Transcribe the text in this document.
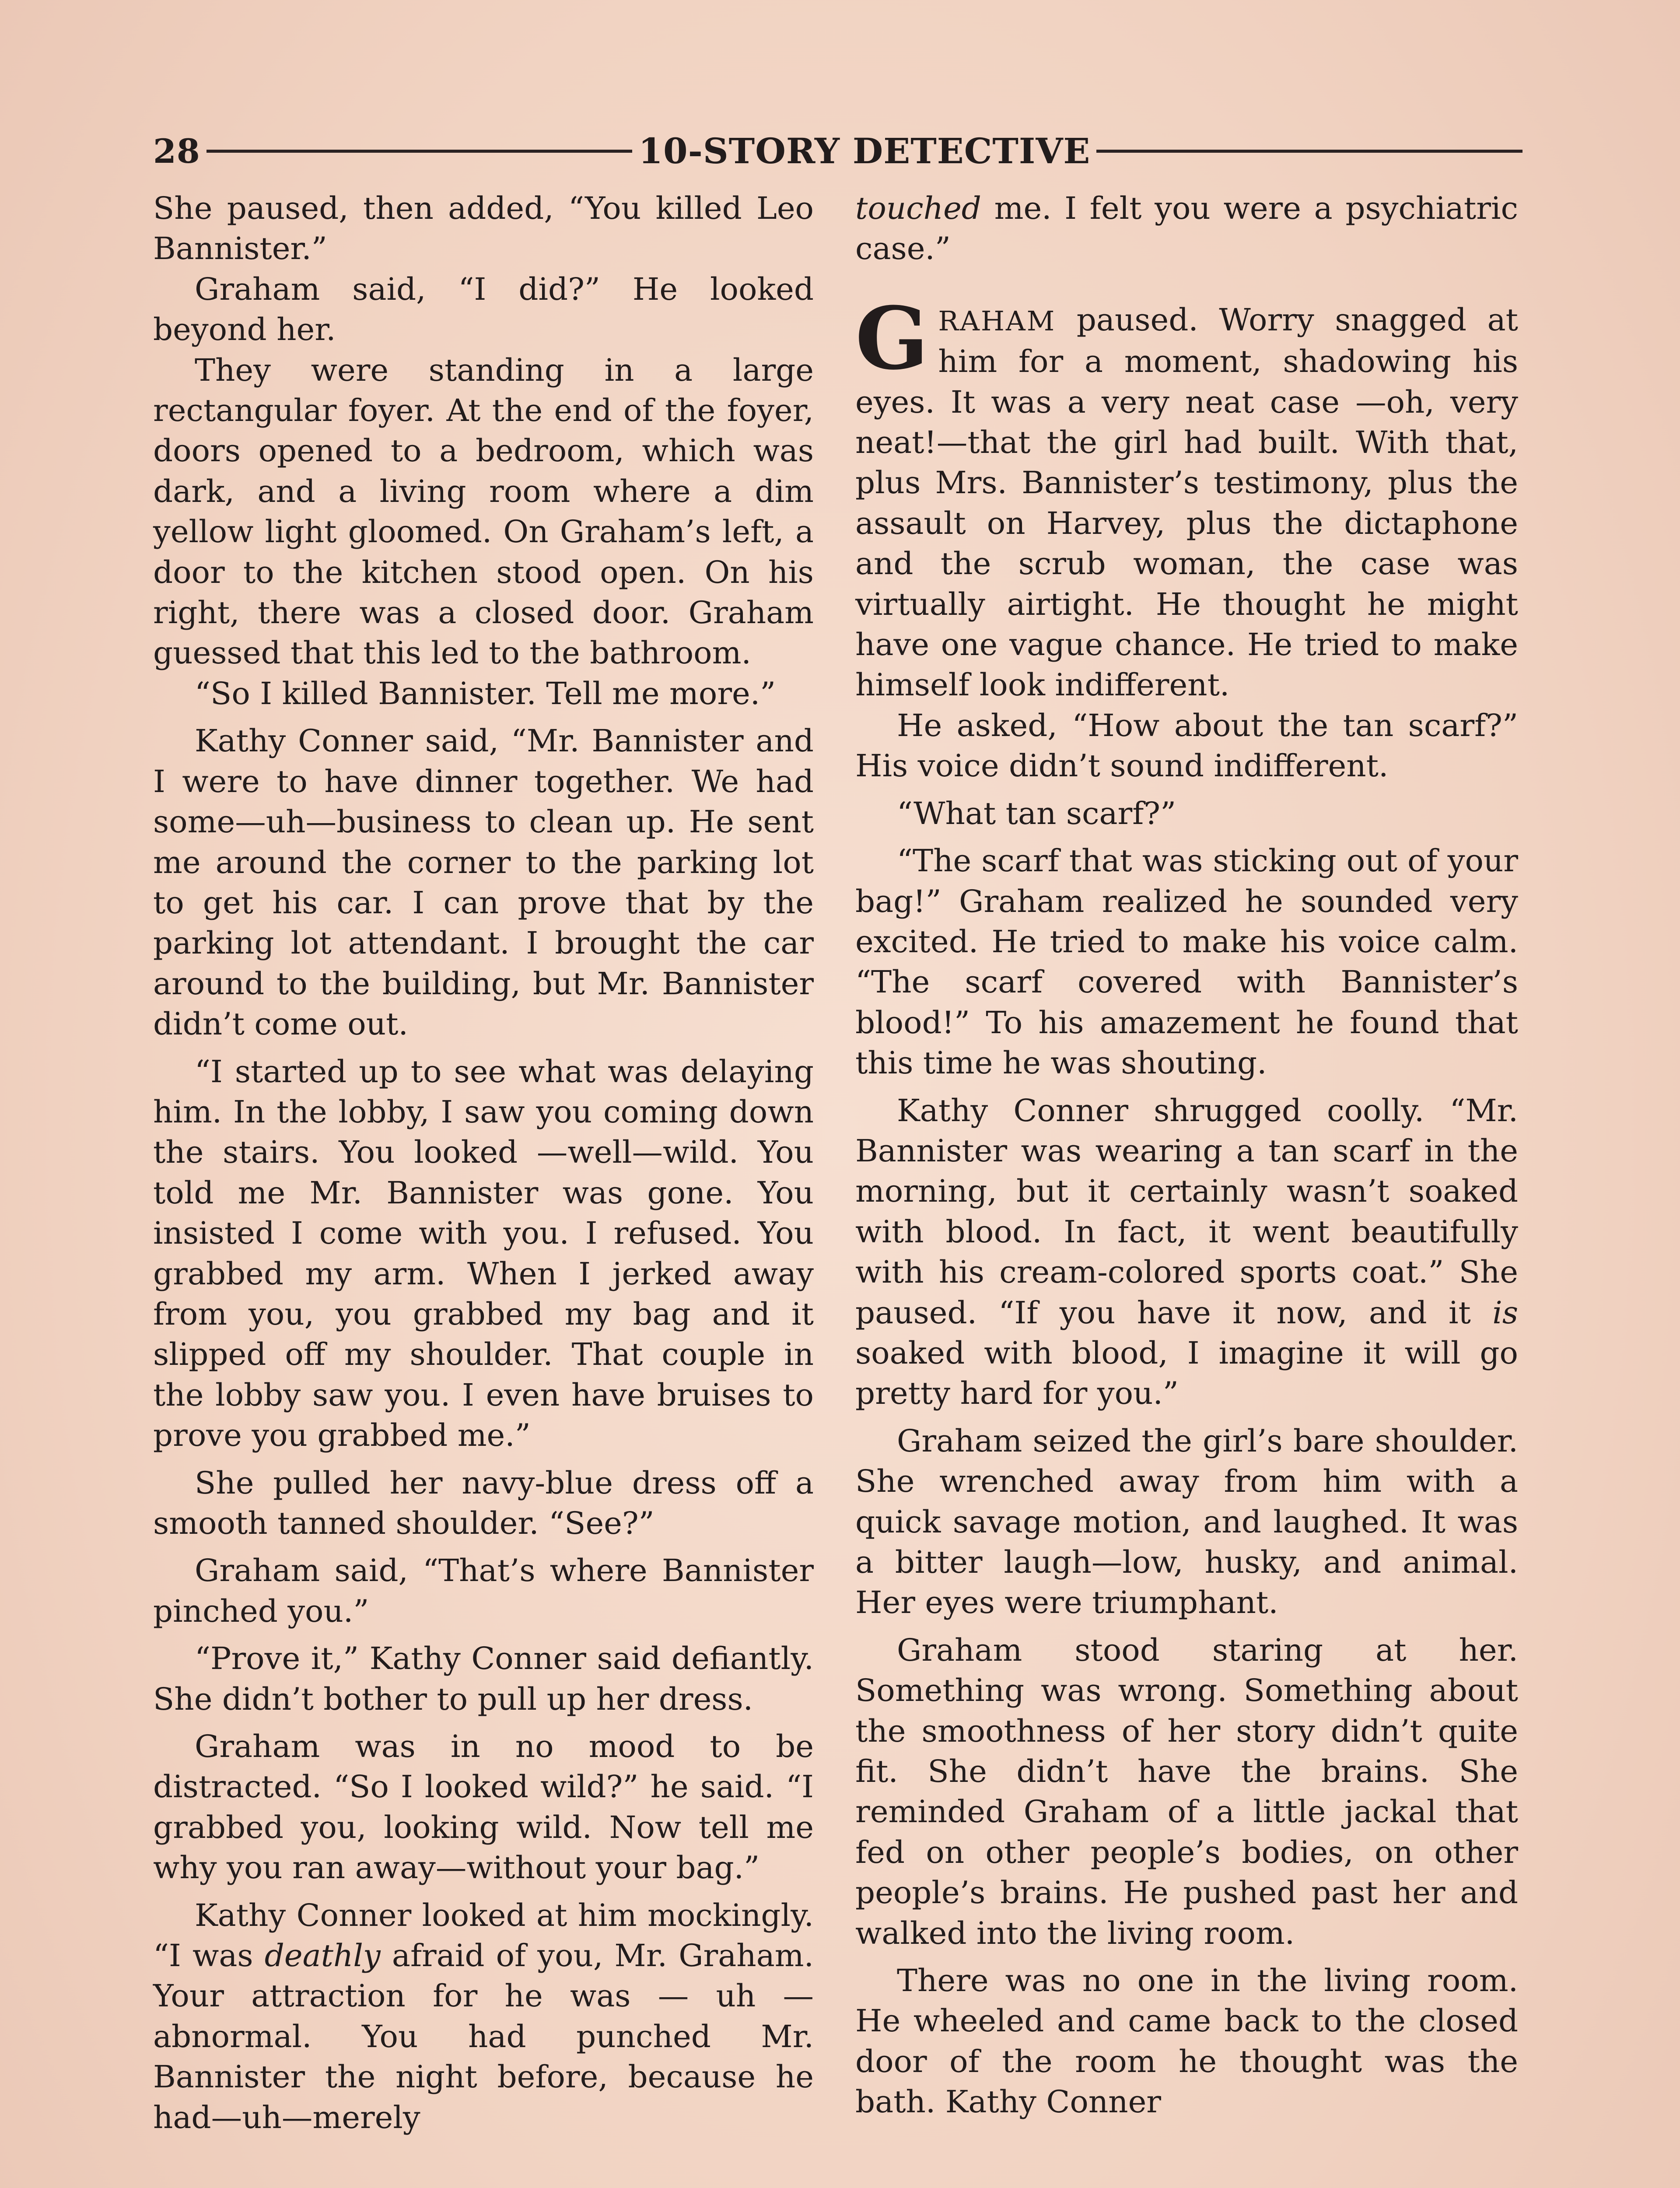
28	10-STORY DETECTIVE

She paused, then added, “You killed Leo Bannister.”

Graham said, “I did?” He looked beyond her.

They were standing in a large rectangular foyer. At the end of the foyer, doors opened to a bedroom, which was dark, and a living room where a dim yellow light gloomed. On Graham’s left, a door to the kitchen stood open. On his right, there was a closed door. Graham guessed that this led to the bathroom.

“So I killed Bannister. Tell me more.”

Kathy Conner said, “Mr. Bannister and I were to have dinner together. We had some—uh—business to clean up. He sent me around the corner to the parking lot to get his car. I can prove that by the parking lot attendant. I brought the car around to the building, but Mr. Bannister didn’t come out.

“I started up to see what was delaying him. In the lobby, I saw you coming down the stairs. You looked —well—wild. You told me Mr. Bannister was gone. You insisted I come with you. I refused. You grabbed my arm. When I jerked away from you, you grabbed my bag and it slipped off my shoulder. That couple in the lobby saw you. I even have bruises to prove you grabbed me.”

She pulled her navy-blue dress off a smooth tanned shoulder. “See?”

Graham said, “That’s where Bannister pinched you.”

“Prove it,” Kathy Conner said defiantly. She didn’t bother to pull up her dress.

Graham was in no mood to be distracted. “So I looked wild?” he said. “I grabbed you, looking wild. Now tell me why you ran away—without your bag.”

Kathy Conner looked at him mockingly. “I was deathly afraid of you, Mr. Graham. Your attraction for he was — uh — abnormal. You had punched Mr. Bannister the night before, because he had—uh—merely

touched me. I felt you were a psychiatric case.”

GRAHAM paused. Worry snagged at him for a moment, shadowing his eyes. It was a very neat case —oh, very neat!—that the girl had built. With that, plus Mrs. Bannister’s testimony, plus the assault on Harvey, plus the dictaphone and the scrub woman, the case was virtually airtight. He thought he might have one vague chance. He tried to make himself look indifferent.

He asked, “How about the tan scarf?” His voice didn’t sound indifferent.

“What tan scarf?”

“The scarf that was sticking out of your bag!” Graham realized he sounded very excited. He tried to make his voice calm. “The scarf covered with Bannister’s blood!” To his amazement he found that this time he was shouting.

Kathy Conner shrugged coolly. “Mr. Bannister was wearing a tan scarf in the morning, but it certainly wasn’t soaked with blood. In fact, it went beautifully with his cream-colored sports coat.” She paused. “If you have it now, and it is soaked with blood, I imagine it will go pretty hard for you.”

Graham seized the girl’s bare shoulder. She wrenched away from him with a quick savage motion, and laughed. It was a bitter laugh—low, husky, and animal. Her eyes were triumphant.

Graham stood staring at her. Something was wrong. Something about the smoothness of her story didn’t quite fit. She didn’t have the brains. She reminded Graham of a little jackal that fed on other people’s bodies, on other people’s brains. He pushed past her and walked into the living room.

There was no one in the living room. He wheeled and came back to the closed door of the room he thought was the bath. Kathy Conner
